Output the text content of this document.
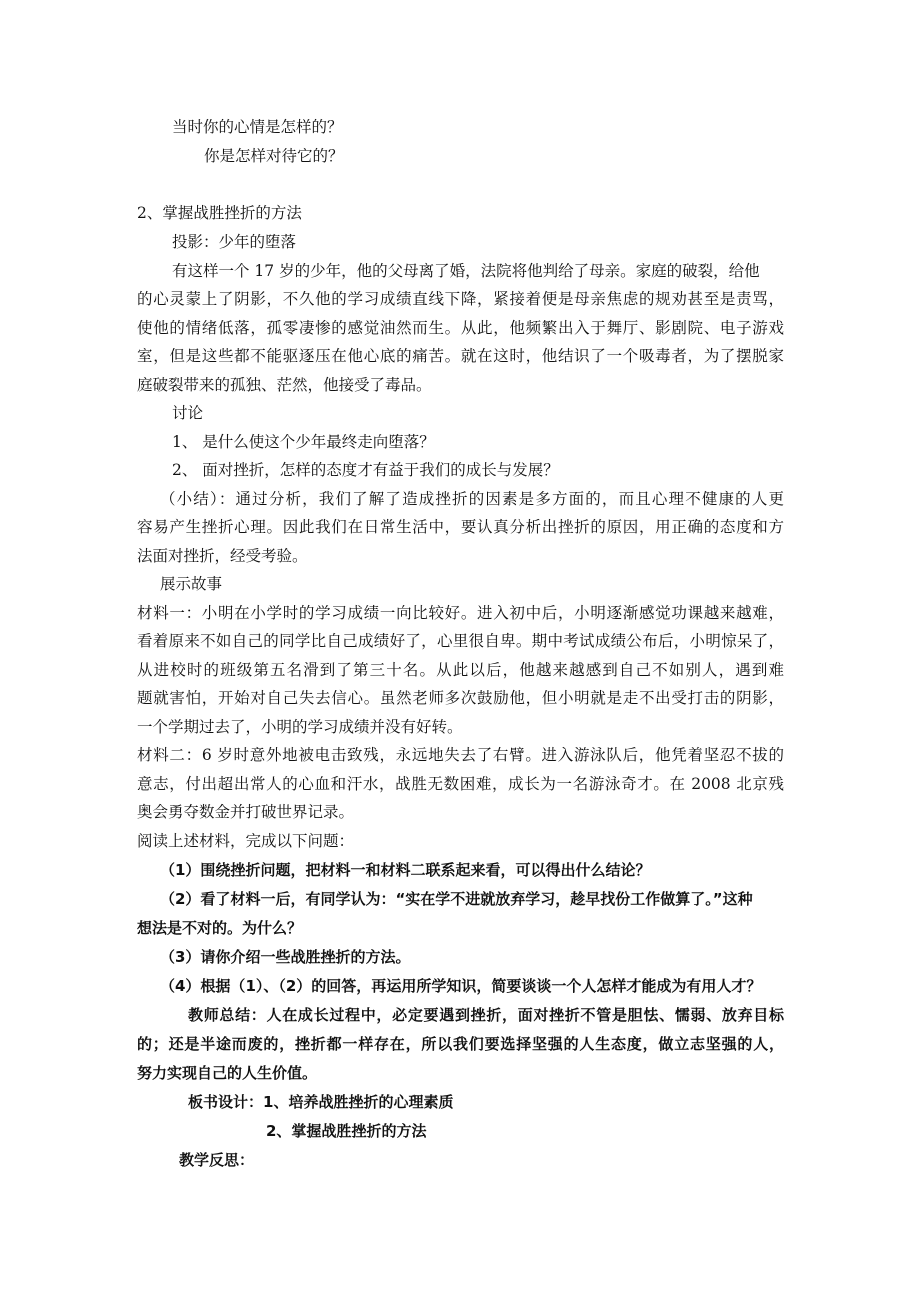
当时你的心情是怎样的？
你是怎样对待它的？
2、掌握战胜挫折的方法
投影：少年的堕落
有这样一个 17 岁的少年，他的父母离了婚，法院将他判给了母亲。家庭的破裂，给他
的心灵蒙上了阴影，不久他的学习成绩直线下降，紧接着便是母亲焦虑的规劝甚至是责骂，
使他的情绪低落，孤零凄惨的感觉油然而生。从此，他频繁出入于舞厅、影剧院、电子游戏
室，但是这些都不能驱逐压在他心底的痛苦。就在这时，他结识了一个吸毒者，为了摆脱家
庭破裂带来的孤独、茫然，他接受了毒品。
讨论
1、 是什么使这个少年最终走向堕落？
2、 面对挫折，怎样的态度才有益于我们的成长与发展？
（小结）：通过分析，我们了解了造成挫折的因素是多方面的，而且心理不健康的人更
容易产生挫折心理。因此我们在日常生活中，要认真分析出挫折的原因，用正确的态度和方
法面对挫折，经受考验。
展示故事
材料一：小明在小学时的学习成绩一向比较好。进入初中后，小明逐渐感觉功课越来越难，
看着原来不如自己的同学比自己成绩好了，心里很自卑。期中考试成绩公布后，小明惊呆了，
从进校时的班级第五名滑到了第三十名。从此以后，他越来越感到自己不如别人，遇到难
题就害怕，开始对自己失去信心。虽然老师多次鼓励他，但小明就是走不出受打击的阴影，
一个学期过去了，小明的学习成绩并没有好转。
材料二：6 岁时意外地被电击致残，永远地失去了右臂。进入游泳队后，他凭着坚忍不拔的
意志，付出超出常人的心血和汗水，战胜无数困难，成长为一名游泳奇才。在 2008 北京残
奥会勇夺数金并打破世界记录。
阅读上述材料，完成以下问题：
（1）围绕挫折问题，把材料一和材料二联系起来看，可以得出什么结论？
（2）看了材料一后，有同学认为：“实在学不进就放弃学习，趁早找份工作做算了。”这种
想法是不对的。为什么？
（3）请你介绍一些战胜挫折的方法。
（4）根据（1）、（2）的回答，再运用所学知识，简要谈谈一个人怎样才能成为有用人才？
教师总结：人在成长过程中，必定要遇到挫折，面对挫折不管是胆怯、懦弱、放弃目标
的；还是半途而废的，挫折都一样存在，所以我们要选择坚强的人生态度，做立志坚强的人，
努力实现自己的人生价值。
板书设计：1、培养战胜挫折的心理素质
2、掌握战胜挫折的方法
教学反思：
